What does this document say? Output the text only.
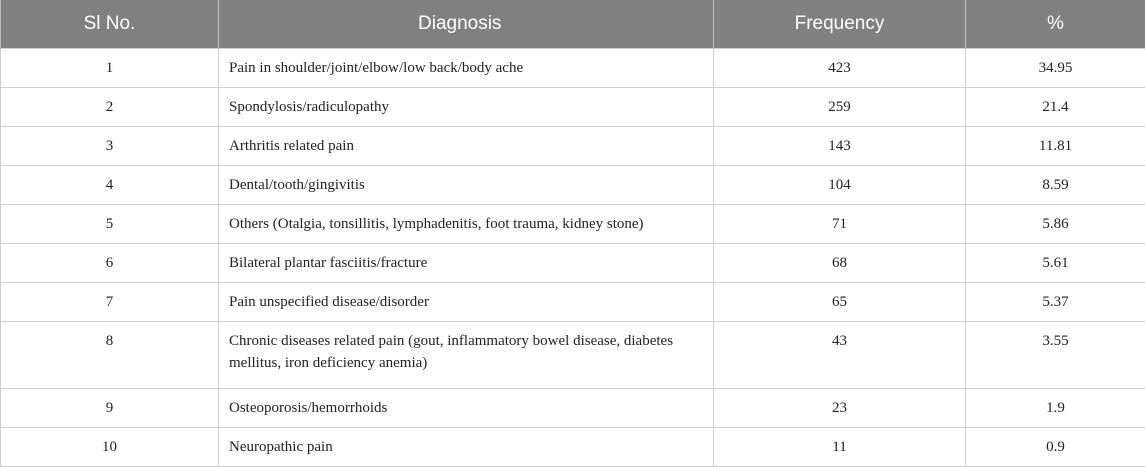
Sl No.	Diagnosis	Frequency	%
1	Pain in shoulder/joint/elbow/low back/body ache	423	34.95
2	Spondylosis/radiculopathy	259	21.4
3	Arthritis related pain	143	11.81
4	Dental/tooth/gingivitis	104	8.59
5	Others (Otalgia, tonsillitis, lymphadenitis, foot trauma, kidney stone)	71	5.86
6	Bilateral plantar fasciitis/fracture	68	5.61
7	Pain unspecified disease/disorder	65	5.37
8	Chronic diseases related pain (gout, inflammatory bowel disease, diabetes mellitus, iron deficiency anemia)	43	3.55
9	Osteoporosis/hemorrhoids	23	1.9
10	Neuropathic pain	11	0.9
